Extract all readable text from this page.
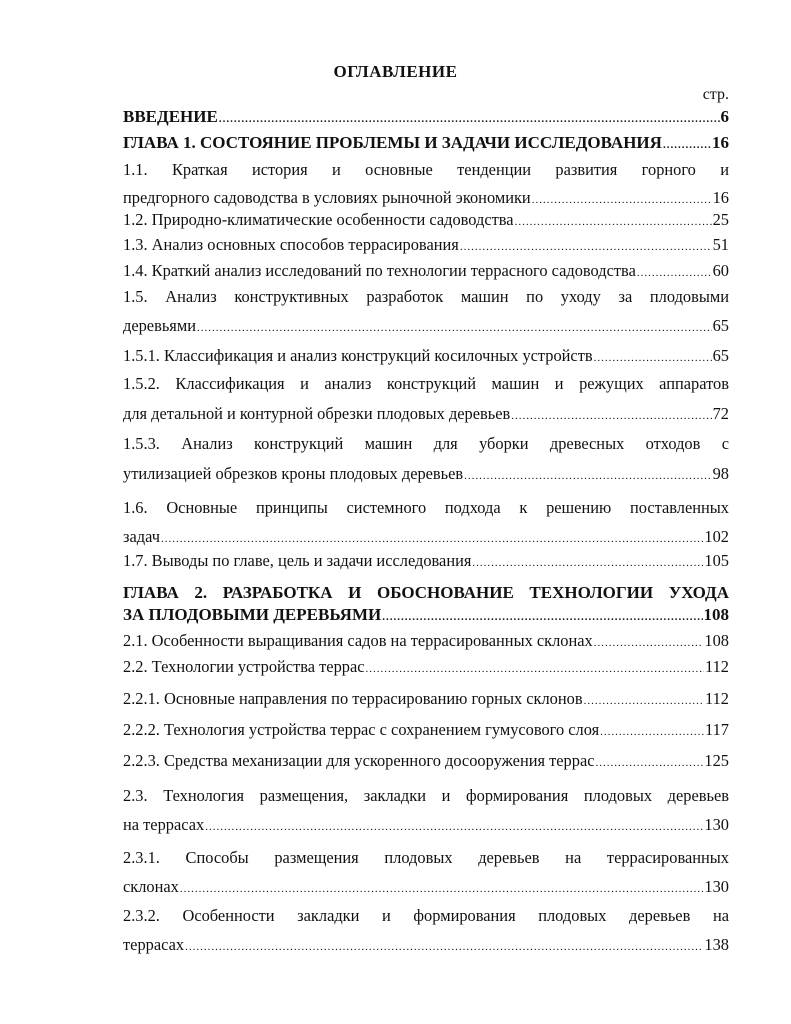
ОГЛАВЛЕНИЕ
стр.
ВВЕДЕНИЕ .....	6
ГЛАВА 1. СОСТОЯНИЕ ПРОБЛЕМЫ И ЗАДАЧИ ИССЛЕДОВАНИЯ .....	16
1.1. Краткая история и основные тенденции развития горного и
предгорного садоводства в условиях рыночной экономики .....	16
1.2. Природно-климатические особенности садоводства .....	25
1.3. Анализ основных способов террасирования .....	51
1.4. Краткий анализ исследований по технологии террасного садоводства .....	60
1.5. Анализ конструктивных разработок машин по уходу за плодовыми
деревьями .....	65
1.5.1. Классификация и анализ конструкций косилочных устройств .....	65
1.5.2. Классификация и анализ конструкций машин и режущих аппаратов
для детальной и контурной обрезки плодовых деревьев .....	72
1.5.3. Анализ конструкций машин для уборки древесных отходов с
утилизацией обрезков кроны плодовых деревьев .....	98
1.6. Основные принципы системного подхода к решению поставленных
задач .....	102
1.7. Выводы по главе, цель и задачи исследования .....	105
ГЛАВА 2. РАЗРАБОТКА И ОБОСНОВАНИЕ ТЕХНОЛОГИИ УХОДА
ЗА ПЛОДОВЫМИ ДЕРЕВЬЯМИ .....	108
2.1. Особенности выращивания садов на террасированных склонах .....	108
2.2. Технологии устройства террас .....	112
2.2.1. Основные направления по террасированию горных склонов .....	112
2.2.2. Технология устройства террас с сохранением гумусового слоя .....	117
2.2.3. Средства механизации для ускоренного досооружения террас .....	125
2.3. Технология размещения, закладки и формирования плодовых деревьев
на террасах .....	130
2.3.1. Способы размещения плодовых деревьев на террасированных
склонах .....	130
2.3.2. Особенности закладки и формирования плодовых деревьев на
террасах .....	138
